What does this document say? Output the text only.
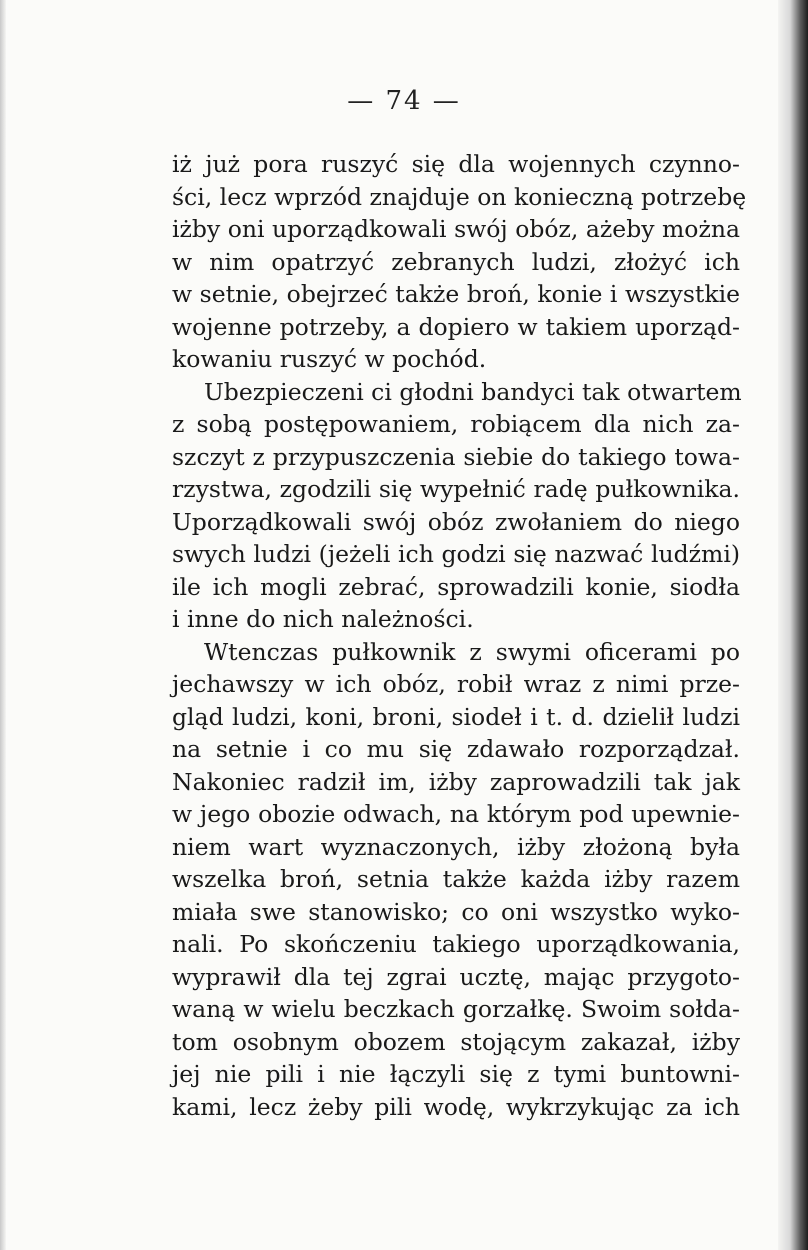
— 74 —

iż już pora ruszyć się dla wojennych czynno-
ści, lecz wprzód znajduje on konieczną potrzebę
iżby oni uporządkowali swój obóz, ażeby można
w nim opatrzyć zebranych ludzi, złożyć ich
w setnie, obejrzeć także broń, konie i wszystkie
wojenne potrzeby, a dopiero w takiem uporząd-
kowaniu ruszyć w pochód.

Ubezpieczeni ci głodni bandyci tak otwartem
z sobą postępowaniem, robiącem dla nich za-
szczyt z przypuszczenia siebie do takiego towa-
rzystwa, zgodzili się wypełnić radę pułkownika.
Uporządkowali swój obóz zwołaniem do niego
swych ludzi (jeżeli ich godzi się nazwać ludźmi)
ile ich mogli zebrać, sprowadzili konie, siodła
i inne do nich należności.

Wtenczas pułkownik z swymi oficerami po
jechawszy w ich obóz, robił wraz z nimi prze-
gląd ludzi, koni, broni, siodeł i t. d. dzielił ludzi
na setnie i co mu się zdawało rozporządzał.
Nakoniec radził im, iżby zaprowadzili tak jak
w jego obozie odwach, na którym pod upewnie-
niem wart wyznaczonych, iżby złożoną była
wszelka broń, setnia także każda iżby razem
miała swe stanowisko; co oni wszystko wyko-
nali. Po skończeniu takiego uporządkowania,
wyprawił dla tej zgrai ucztę, mając przygoto-
waną w wielu beczkach gorzałkę. Swoim sołda-
tom osobnym obozem stojącym zakazał, iżby
jej nie pili i nie łączyli się z tymi buntowni-
kami, lecz żeby pili wodę, wykrzykując za ich
